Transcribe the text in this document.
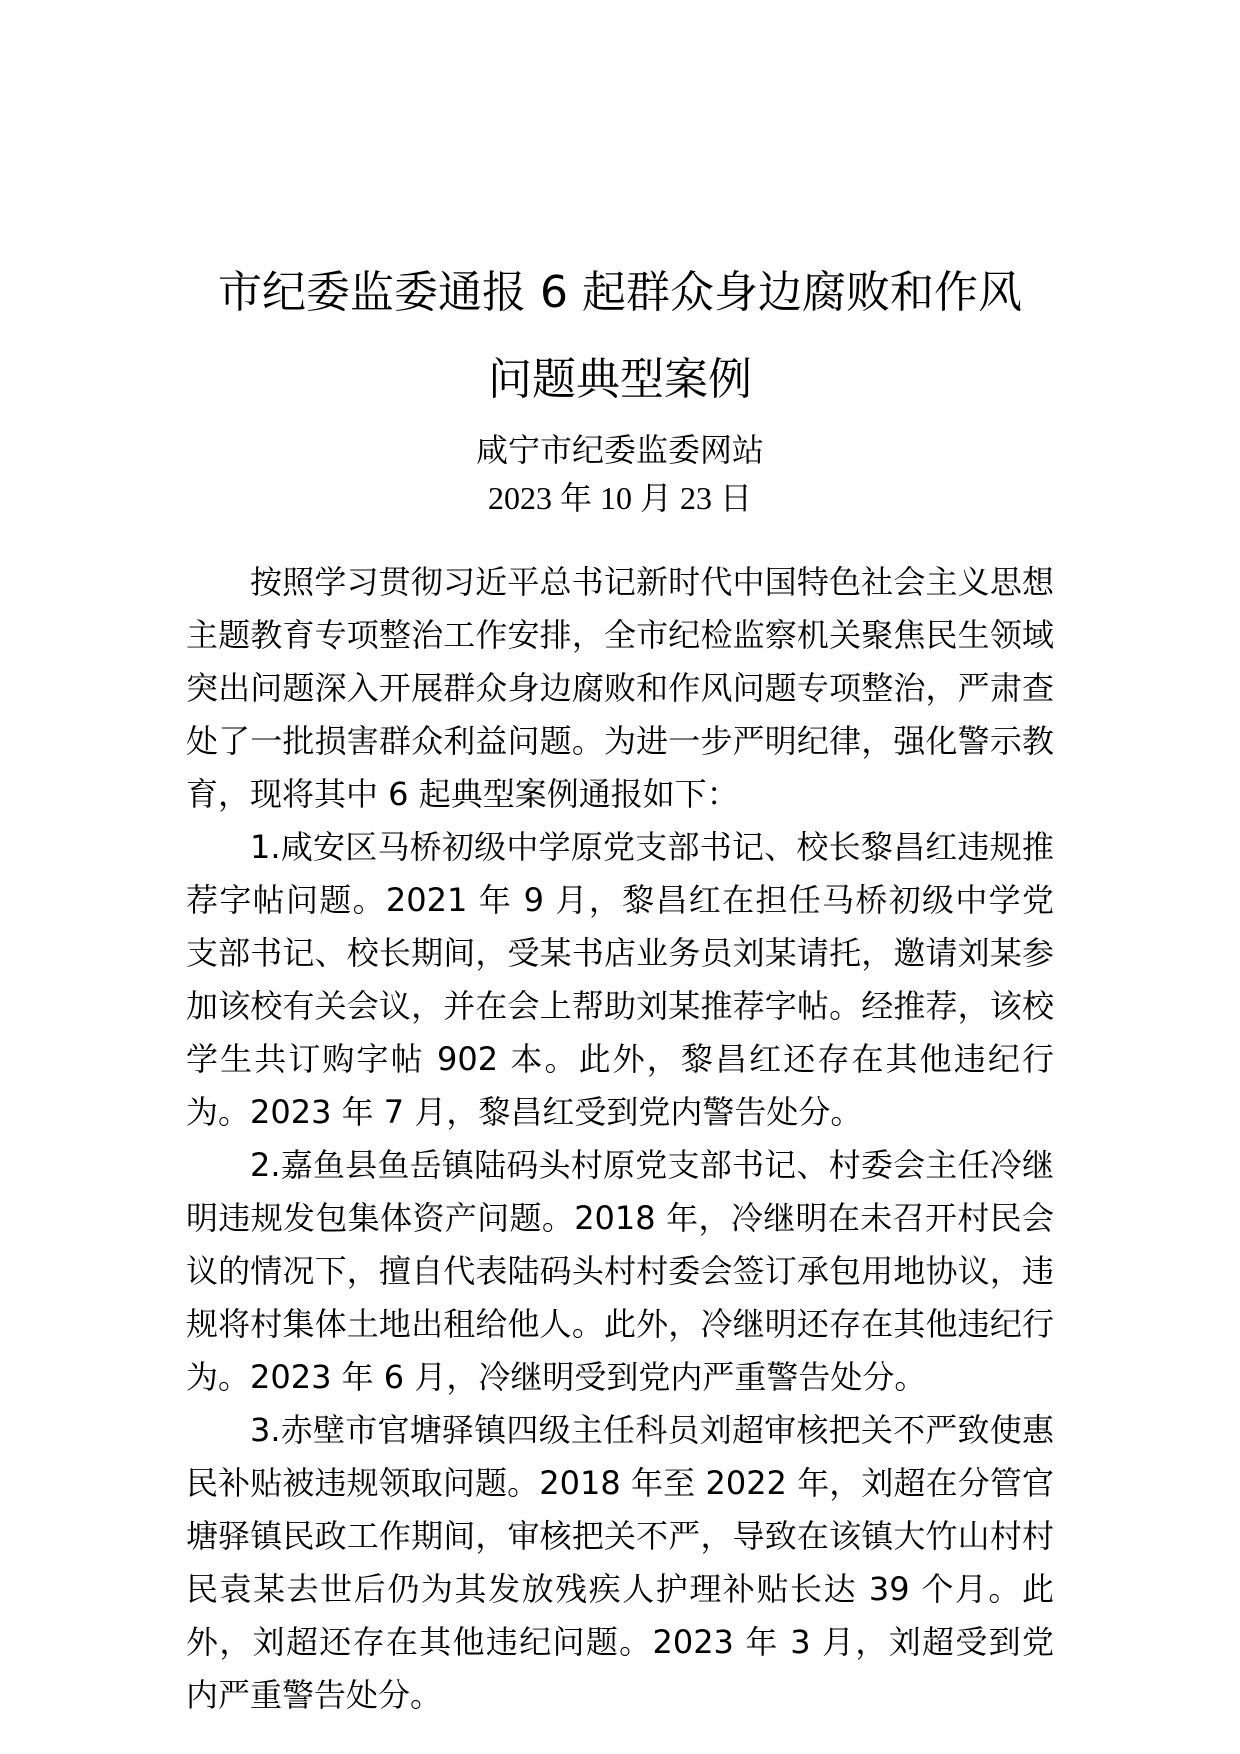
市纪委监委通报 6 起群众身边腐败和作风
问题典型案例
咸宁市纪委监委网站
2023 年 10 月 23 日

按照学习贯彻习近平总书记新时代中国特色社会主义思想主题教育专项整治工作安排，全市纪检监察机关聚焦民生领域突出问题深入开展群众身边腐败和作风问题专项整治，严肃查处了一批损害群众利益问题。为进一步严明纪律，强化警示教育，现将其中 6 起典型案例通报如下：

1.咸安区马桥初级中学原党支部书记、校长黎昌红违规推荐字帖问题。2021 年 9 月，黎昌红在担任马桥初级中学党支部书记、校长期间，受某书店业务员刘某请托，邀请刘某参加该校有关会议，并在会上帮助刘某推荐字帖。经推荐，该校学生共订购字帖 902 本。此外，黎昌红还存在其他违纪行为。2023 年 7 月，黎昌红受到党内警告处分。

2.嘉鱼县鱼岳镇陆码头村原党支部书记、村委会主任冷继明违规发包集体资产问题。2018 年，冷继明在未召开村民会议的情况下，擅自代表陆码头村村委会签订承包用地协议，违规将村集体土地出租给他人。此外，冷继明还存在其他违纪行为。2023 年 6 月，冷继明受到党内严重警告处分。

3.赤壁市官塘驿镇四级主任科员刘超审核把关不严致使惠民补贴被违规领取问题。2018 年至 2022 年，刘超在分管官塘驿镇民政工作期间，审核把关不严，导致在该镇大竹山村村民袁某去世后仍为其发放残疾人护理补贴长达 39 个月。此外，刘超还存在其他违纪问题。2023 年 3 月，刘超受到党内严重警告处分。
